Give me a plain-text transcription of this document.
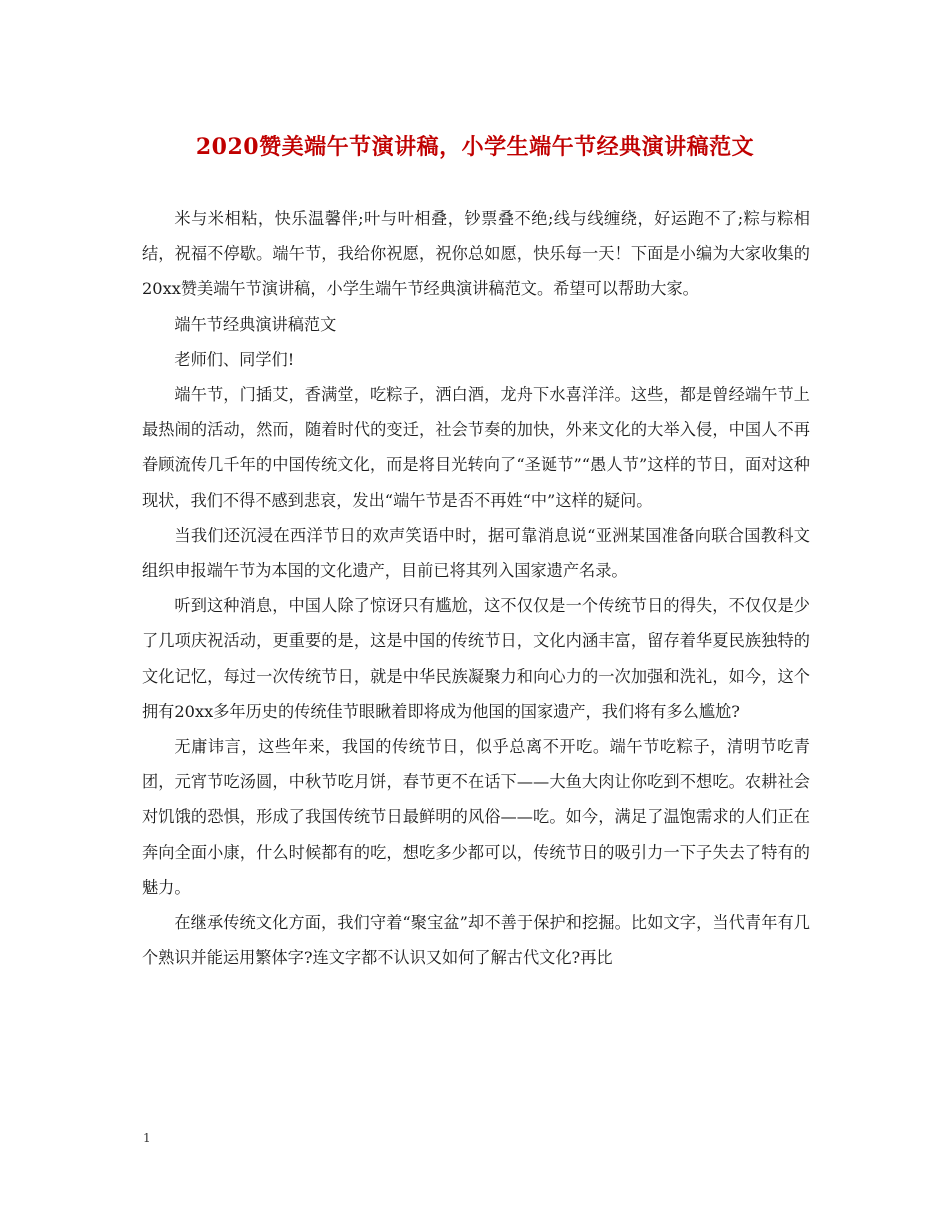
2020赞美端午节演讲稿，小学生端午节经典演讲稿范文

米与米相粘，快乐温馨伴;叶与叶相叠，钞票叠不绝;线与线缠绕，好运跑不了;粽与粽相结，祝福不停歇。端午节，我给你祝愿，祝你总如愿，快乐每一天！下面是小编为大家收集的20xx赞美端午节演讲稿，小学生端午节经典演讲稿范文。希望可以帮助大家。

端午节经典演讲稿范文

老师们、同学们!

端午节，门插艾，香满堂，吃粽子，洒白酒，龙舟下水喜洋洋。这些，都是曾经端午节上最热闹的活动，然而，随着时代的变迁，社会节奏的加快，外来文化的大举入侵，中国人不再眷顾流传几千年的中国传统文化，而是将目光转向了“圣诞节”“愚人节”这样的节日，面对这种现状，我们不得不感到悲哀，发出“端午节是否不再姓“中”这样的疑问。

当我们还沉浸在西洋节日的欢声笑语中时，据可靠消息说“亚洲某国准备向联合国教科文组织申报端午节为本国的文化遗产，目前已将其列入国家遗产名录。

听到这种消息，中国人除了惊讶只有尴尬，这不仅仅是一个传统节日的得失，不仅仅是少了几项庆祝活动，更重要的是，这是中国的传统节日，文化内涵丰富，留存着华夏民族独特的文化记忆，每过一次传统节日，就是中华民族凝聚力和向心力的一次加强和洗礼，如今，这个拥有20xx多年历史的传统佳节眼瞅着即将成为他国的国家遗产，我们将有多么尴尬?

无庸讳言，这些年来，我国的传统节日，似乎总离不开吃。端午节吃粽子，清明节吃青团，元宵节吃汤圆，中秋节吃月饼，春节更不在话下——大鱼大肉让你吃到不想吃。农耕社会对饥饿的恐惧，形成了我国传统节日最鲜明的风俗——吃。如今，满足了温饱需求的人们正在奔向全面小康，什么时候都有的吃，想吃多少都可以，传统节日的吸引力一下子失去了特有的魅力。

在继承传统文化方面，我们守着“聚宝盆”却不善于保护和挖掘。比如文字，当代青年有几个熟识并能运用繁体字?连文字都不认识又如何了解古代文化?再比

1
